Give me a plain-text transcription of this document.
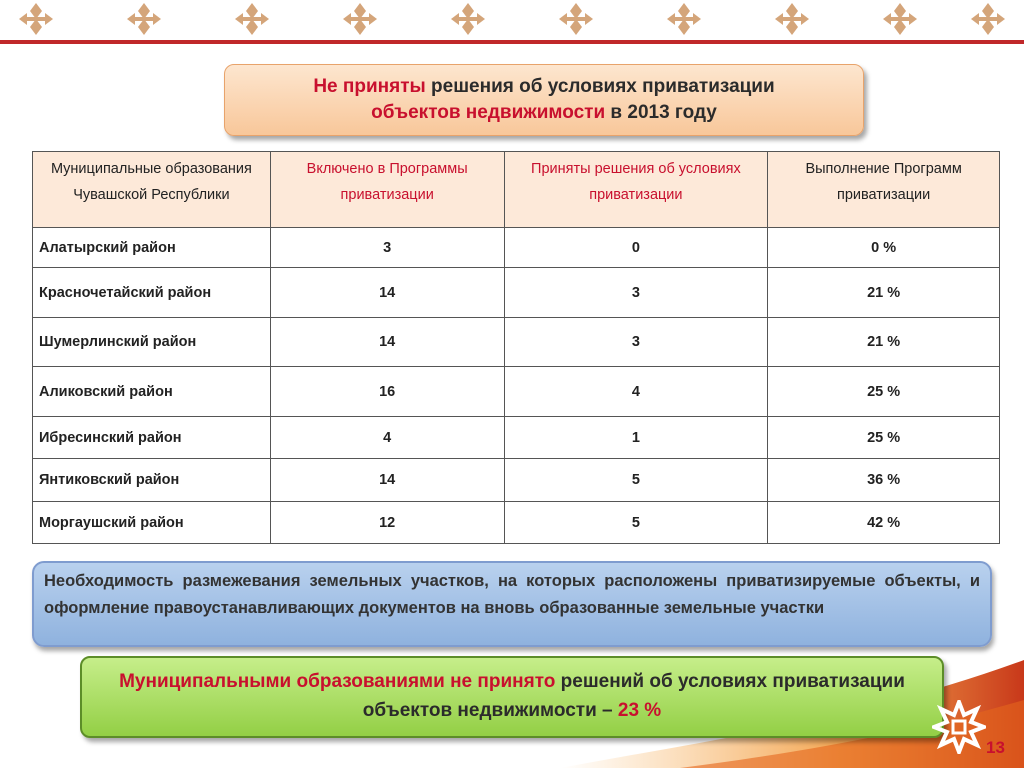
Не приняты решения об условиях приватизации
объектов недвижимости в 2013 году
Муниципальные образования Чувашской Республики	Включено в Программы приватизации	Приняты решения об условиях приватизации	Выполнение Программ приватизации
Алатырский район	3	0	0 %
Красночетайский район	14	3	21 %
Шумерлинский район	14	3	21 %
Аликовский район	16	4	25 %
Ибресинский район	4	1	25 %
Янтиковский район	14	5	36 %
Моргаушский район	12	5	42 %
Необходимость размежевания земельных участков, на которых расположены приватизируемые объекты, и оформление правоустанавливающих документов на вновь образованные земельные участки
Муниципальными образованиями не принято решений об условиях приватизации объектов недвижимости – 23 %
13
